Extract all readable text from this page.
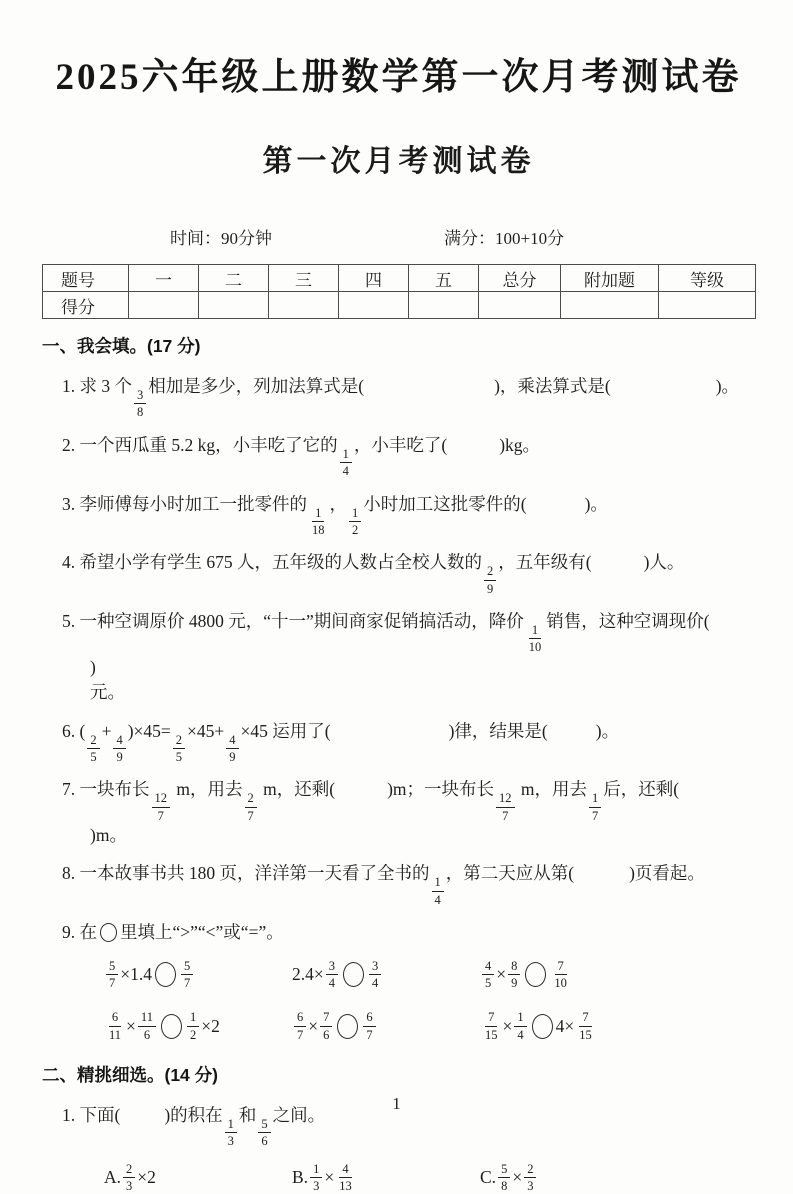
2025六年级上册数学第一次月考测试卷
第一次月考测试卷
时间：90分钟	满分：100+10分
题号	一	二	三	四	五	总分	附加题	等级
得分								
一、我会填。(17 分)
1. 求 3 个
$\frac{3}{8}$
相加是多少，列加法算式是(	)，乘法算式是(	)。
2. 一个西瓜重 5.2 kg，小丰吃了它的
$\frac{1}{4}$
，小丰吃了(	)kg。
3. 李师傅每小时加工一批零件的
$\frac{1}{18}$
，
$\frac{1}{2}$
小时加工这批零件的(	)。
4. 希望小学有学生 675 人，五年级的人数占全校人数的
$\frac{2}{9}$
，五年级有(	)人。
5. 一种空调原价 4800 元，“十一”期间商家促销搞活动，降价
$\frac{1}{10}$
销售，这种空调现价()
元。
6. (
$\frac{2}{5}$
+
$\frac{4}{9}$
)×45=
$\frac{2}{5}$
×45+
$\frac{4}{9}$
×45 运用了(	)律，结果是(	)。
7. 一块布长
$\frac{12}{7}$
m，用去
$\frac{2}{7}$
m，还剩(	)m；一块布长
$\frac{12}{7}$
m，用去
$\frac{1}{7}$
后，还剩()m。
8. 一本故事书共 180 页，洋洋第一天看了全书的
$\frac{1}{4}$
，第二天应从第(	)页看起。
9. 在 里填上“>”“<”或“=”。
$\frac{5}{7} \times 1.4 \frac{5}{7}$	$2.4\times \frac{3}{4} \frac{3}{4}$	$\frac{4}{5} \times \frac{8}{9} \frac{7}{10}$
$\frac{6}{11} \times \frac{11}{6} \frac{1}{2} \times 2$	$\frac{6}{7} \times \frac{7}{6} \frac{6}{7}$	$\frac{7}{15} \times \frac{1}{4} 4\times \frac{7}{15}$
二、精挑细选。(14 分)
1. 下面(	)的积在
$\frac{1}{3}$
和
$\frac{5}{6}$
之间。
A. $\frac{2}{3} \times 2$	B. $\frac{1}{3} \times \frac{4}{13}$	C. $\frac{5}{8} \times \frac{2}{3}$
1
